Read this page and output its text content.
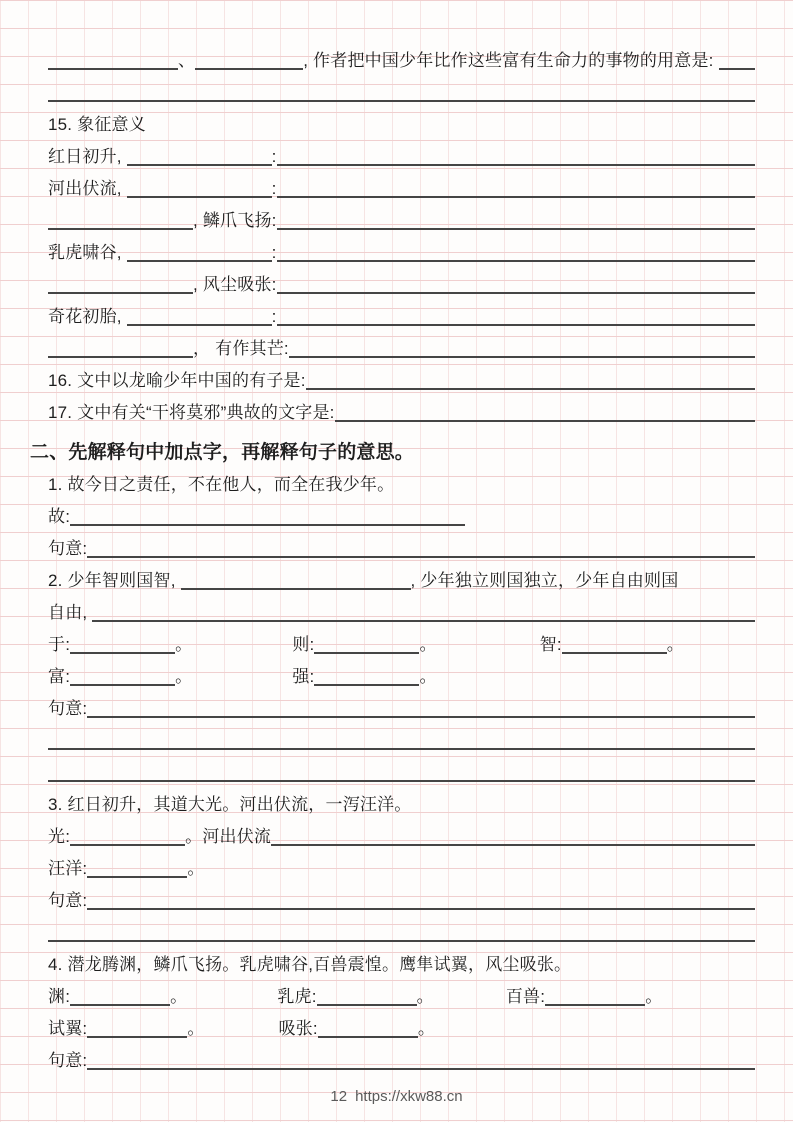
、	, 作者把中国少年比作这些富有生命力的事物的用意是:
15. 象征意义
红日初升,	:
河出伏流,	:
, 鳞爪飞扬:
乳虎啸谷,	:
, 风尘吸张:
奇花初胎,	:
， 有作其芒:
16. 文中以龙喻少年中国的有子是:
17. 文中有关“干将莫邪”典故的文字是:
二、先解释句中加点字，再解释句子的意思。
1. 故今日之责任，不在他人，而全在我少年。
故:
句意:
2. 少年智则国智,	, 少年独立则国独立，少年自由则国
自由,
于:	。	则:	。	智:	。
富:	。	强:	。
句意:
3. 红日初升，其道大光。河出伏流，一泻汪洋。
光:	。河出伏流
汪洋:	。
句意:
4. 潜龙腾渊，鳞爪飞扬。乳虎啸谷,百兽震惶。鹰隼试翼，风尘吸张。
渊:	。	乳虎:	。	百兽:	。
试翼:	。	吸张:	。
句意:
12 https://xkw88.cn
